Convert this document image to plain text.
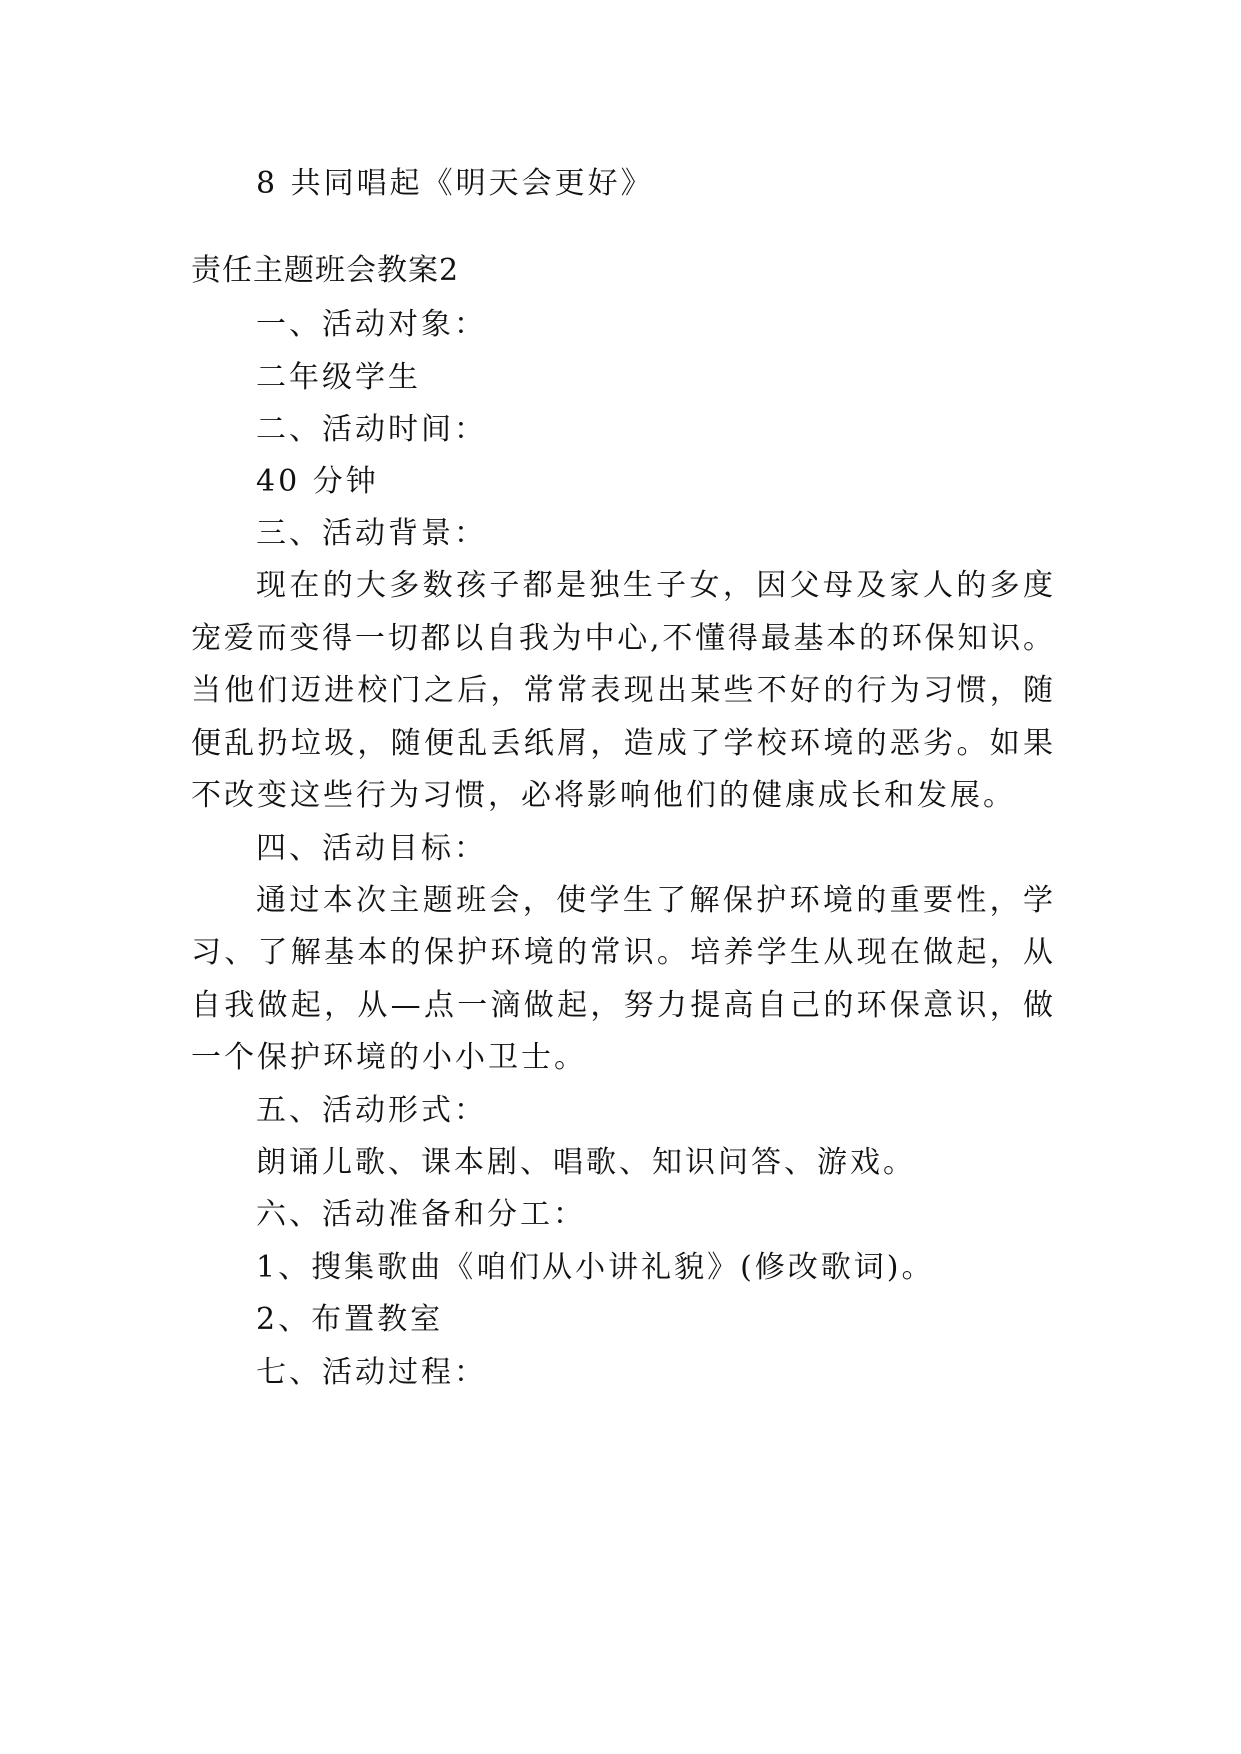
8 共同唱起《明天会更好》
责任主题班会教案2
一、活动对象：
二年级学生
二、活动时间：
40 分钟
三、活动背景：
现在的大多数孩子都是独生子女，因父母及家人的多度
宠爱而变得一切都以自我为中心,不懂得最基本的环保知识。
当他们迈进校门之后，常常表现出某些不好的行为习惯，随
便乱扔垃圾，随便乱丢纸屑，造成了学校环境的恶劣。如果
不改变这些行为习惯，必将影响他们的健康成长和发展。
四、活动目标：
通过本次主题班会，使学生了解保护环境的重要性，学
习、了解基本的保护环境的常识。培养学生从现在做起，从
自我做起，从—点一滴做起，努力提高自己的环保意识，做
一个保护环境的小小卫士。
五、活动形式：
朗诵儿歌、课本剧、唱歌、知识问答、游戏。
六、活动准备和分工：
1、搜集歌曲《咱们从小讲礼貌》(修改歌词)。
2、布置教室
七、活动过程：
